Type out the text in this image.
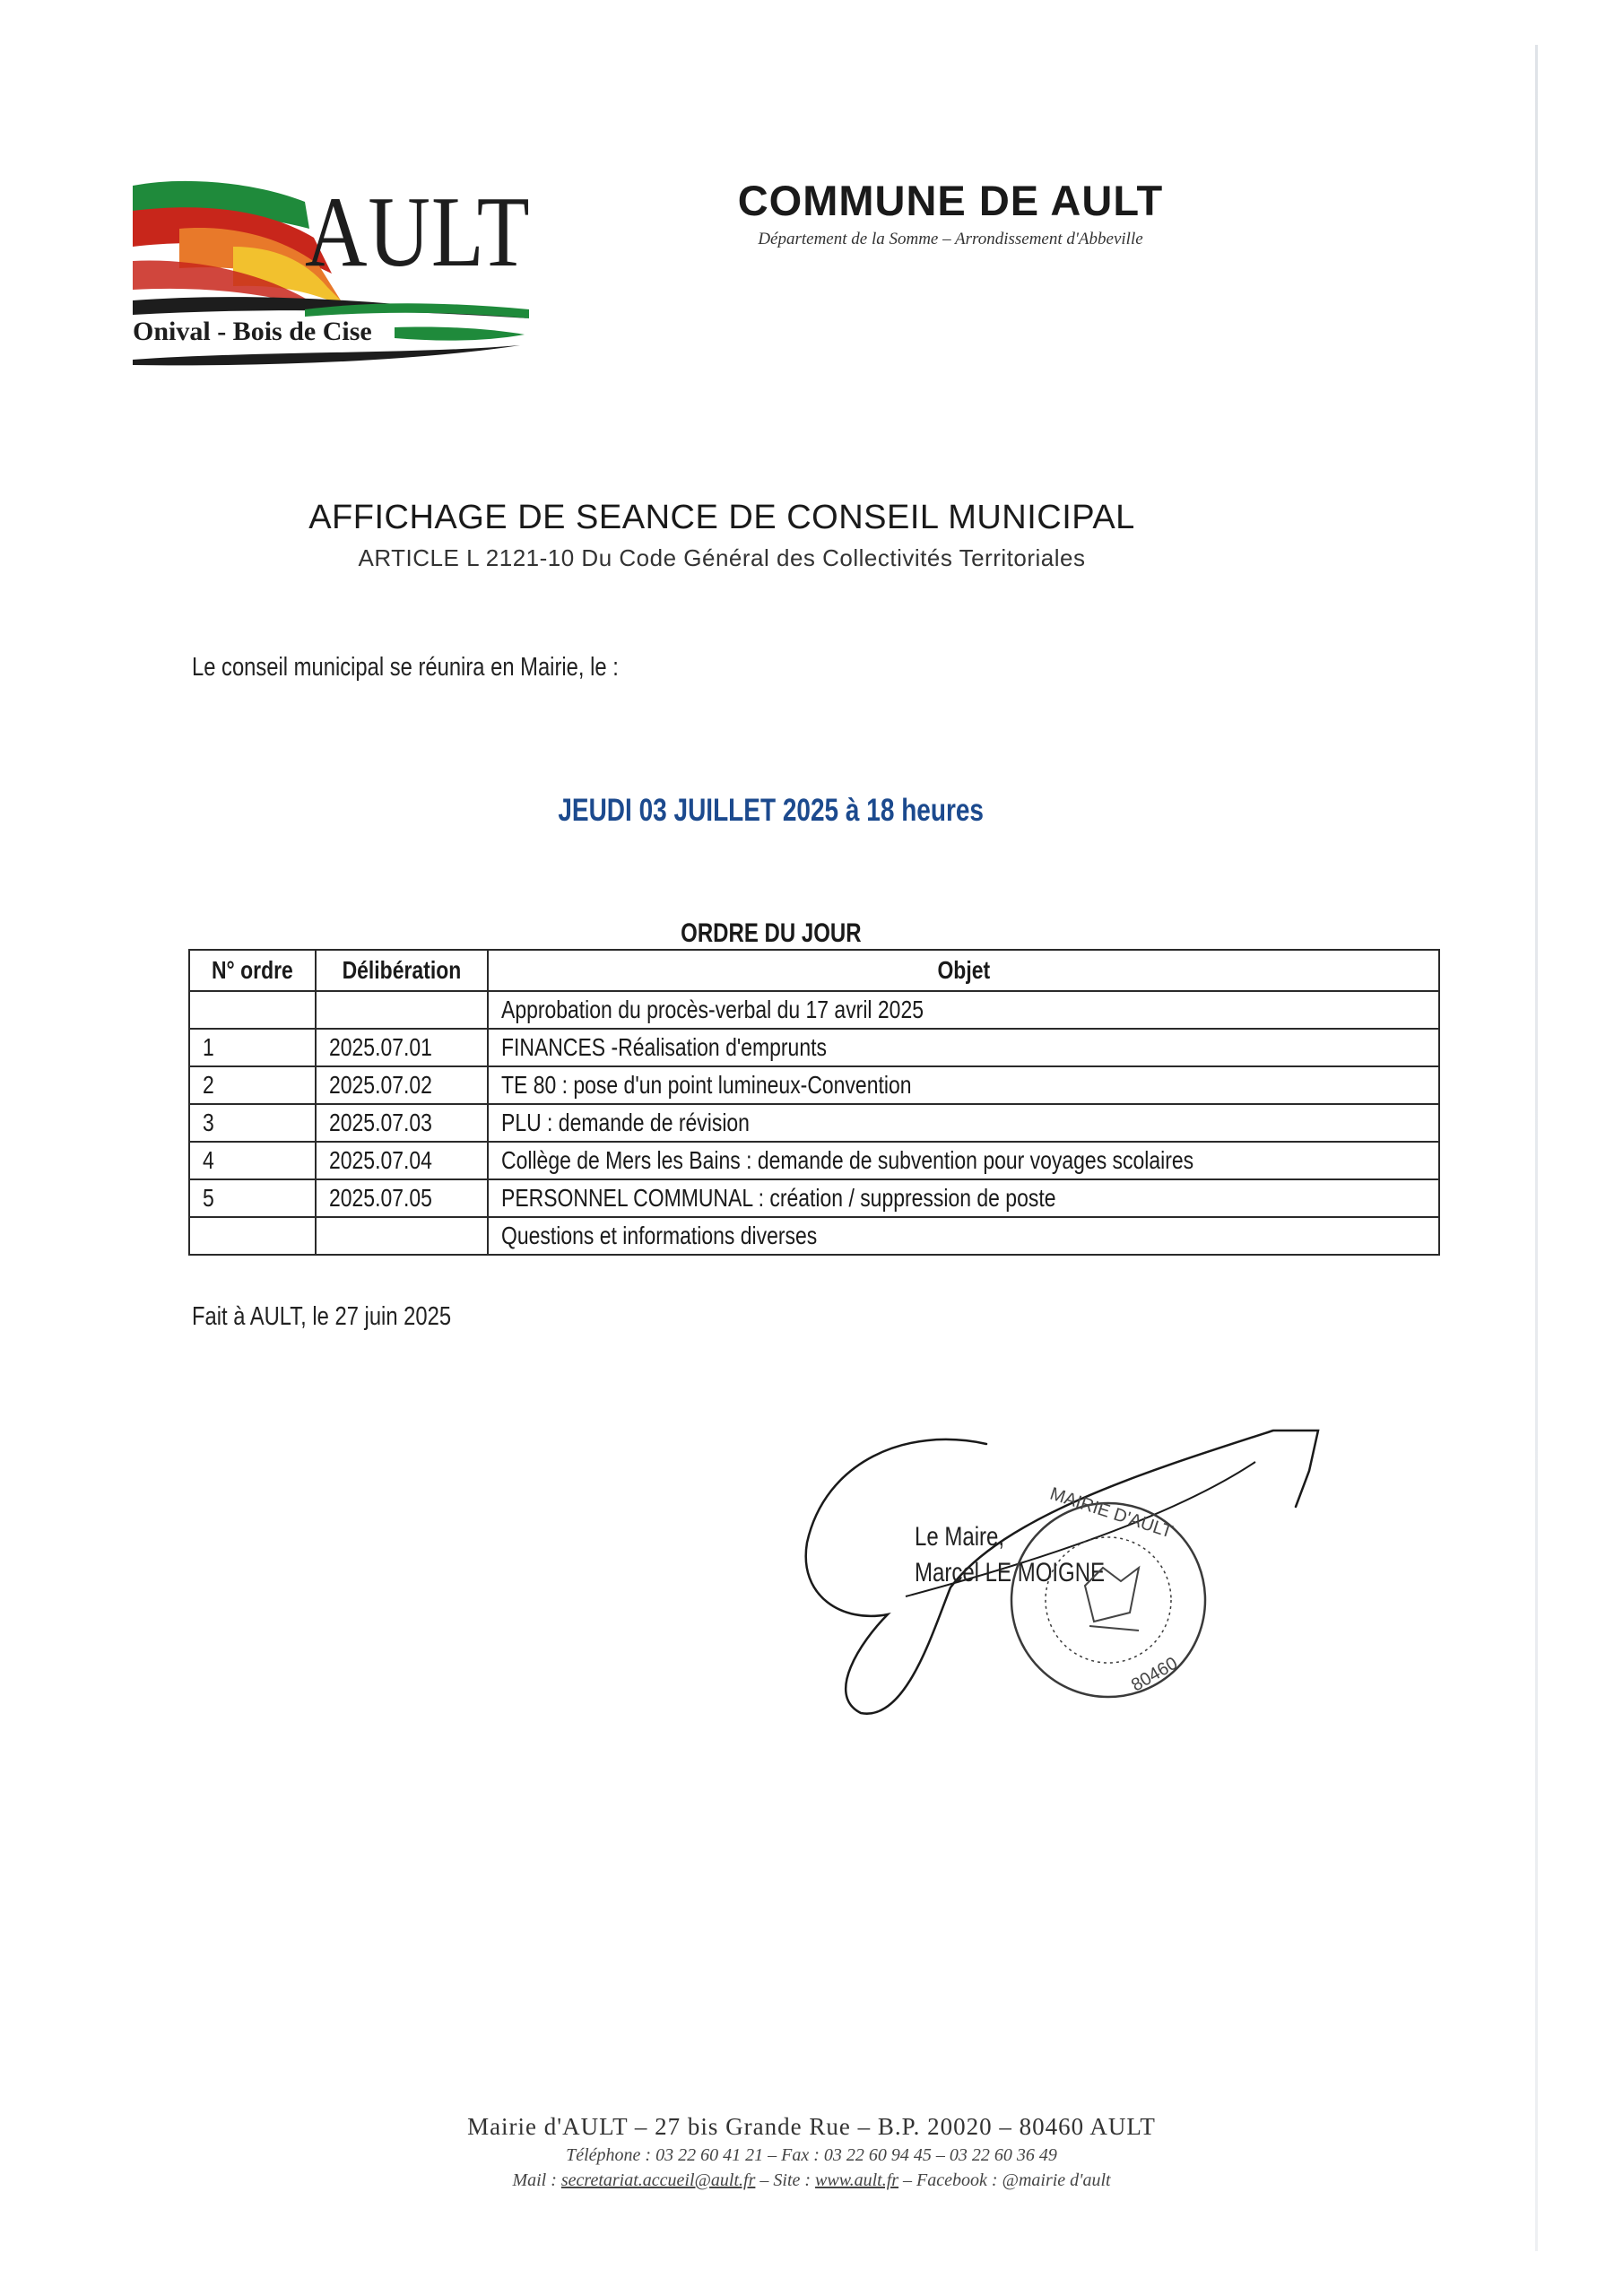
AULT
Onival - Bois de Cise
COMMUNE DE AULT
Département de la Somme – Arrondissement d'Abbeville
AFFICHAGE DE SEANCE DE CONSEIL MUNICIPAL
ARTICLE L 2121-10 Du Code Général des Collectivités Territoriales
Le conseil municipal se réunira en Mairie, le :
JEUDI 03 JUILLET 2025 à 18 heures
ORDRE DU JOUR
N° ordre	Délibération	Objet
		Approbation du procès-verbal du 17 avril 2025
1	2025.07.01	FINANCES -Réalisation d'emprunts
2	2025.07.02	TE 80 : pose d'un point lumineux-Convention
3	2025.07.03	PLU : demande de révision
4	2025.07.04	Collège de Mers les Bains : demande de subvention pour voyages scolaires
5	2025.07.05	PERSONNEL COMMUNAL : création / suppression de poste
		Questions et informations diverses
Fait à AULT, le 27 juin 2025
Le Maire,
Marcel LE MOIGNE
MAIRIE D'AULT
80460
Mairie d'AULT – 27 bis Grande Rue – B.P. 20020 – 80460 AULT
Téléphone : 03 22 60 41 21 – Fax : 03 22 60 94 45 – 03 22 60 36 49
Mail : secretariat.accueil@ault.fr – Site : www.ault.fr – Facebook : @mairie d'ault
